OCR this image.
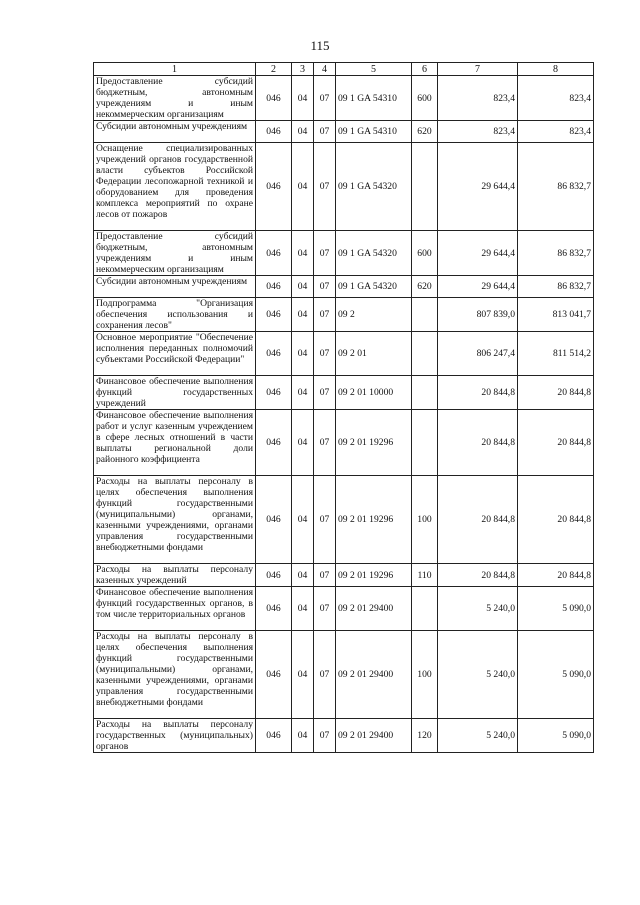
115
1	2	3	4	5	6	7	8
Предоставление субсидий бюджетным, автономным учреждениям и иным некоммерческим организациям	046	04	07	09 1 GA 54310	600	823,4	823,4
Субсидии автономным учреждениям	046	04	07	09 1 GA 54310	620	823,4	823,4
Оснащение специализированных учреждений органов государственной власти субъектов Российской Федерации лесопожарной техникой и оборудованием для проведения комплекса мероприятий по охране лесов от пожаров	046	04	07	09 1 GA 54320		29 644,4	86 832,7
Предоставление субсидий бюджетным, автономным учреждениям и иным некоммерческим организациям	046	04	07	09 1 GA 54320	600	29 644,4	86 832,7
Субсидии автономным учреждениям	046	04	07	09 1 GA 54320	620	29 644,4	86 832,7
Подпрограмма "Организация обеспечения использования и сохранения лесов"	046	04	07	09 2		807 839,0	813 041,7
Основное мероприятие "Обеспечение исполнения переданных полномочий субъектами Российской Федерации"	046	04	07	09 2 01		806 247,4	811 514,2
Финансовое обеспечение выполнения функций государственных учреждений	046	04	07	09 2 01 10000		20 844,8	20 844,8
Финансовое обеспечение выполнения работ и услуг казенным учреждением в сфере лесных отношений в части выплаты региональной доли районного коэффициента	046	04	07	09 2 01 19296		20 844,8	20 844,8
Расходы на выплаты персоналу в целях обеспечения выполнения функций государственными (муниципальными) органами, казенными учреждениями, органами управления государственными внебюджетными фондами	046	04	07	09 2 01 19296	100	20 844,8	20 844,8
Расходы на выплаты персоналу казенных учреждений	046	04	07	09 2 01 19296	110	20 844,8	20 844,8
Финансовое обеспечение выполнения функций государственных органов, в том числе территориальных органов	046	04	07	09 2 01 29400		5 240,0	5 090,0
Расходы на выплаты персоналу в целях обеспечения выполнения функций государственными (муниципальными) органами, казенными учреждениями, органами управления государственными внебюджетными фондами	046	04	07	09 2 01 29400	100	5 240,0	5 090,0
Расходы на выплаты персоналу государственных (муниципальных) органов	046	04	07	09 2 01 29400	120	5 240,0	5 090,0
